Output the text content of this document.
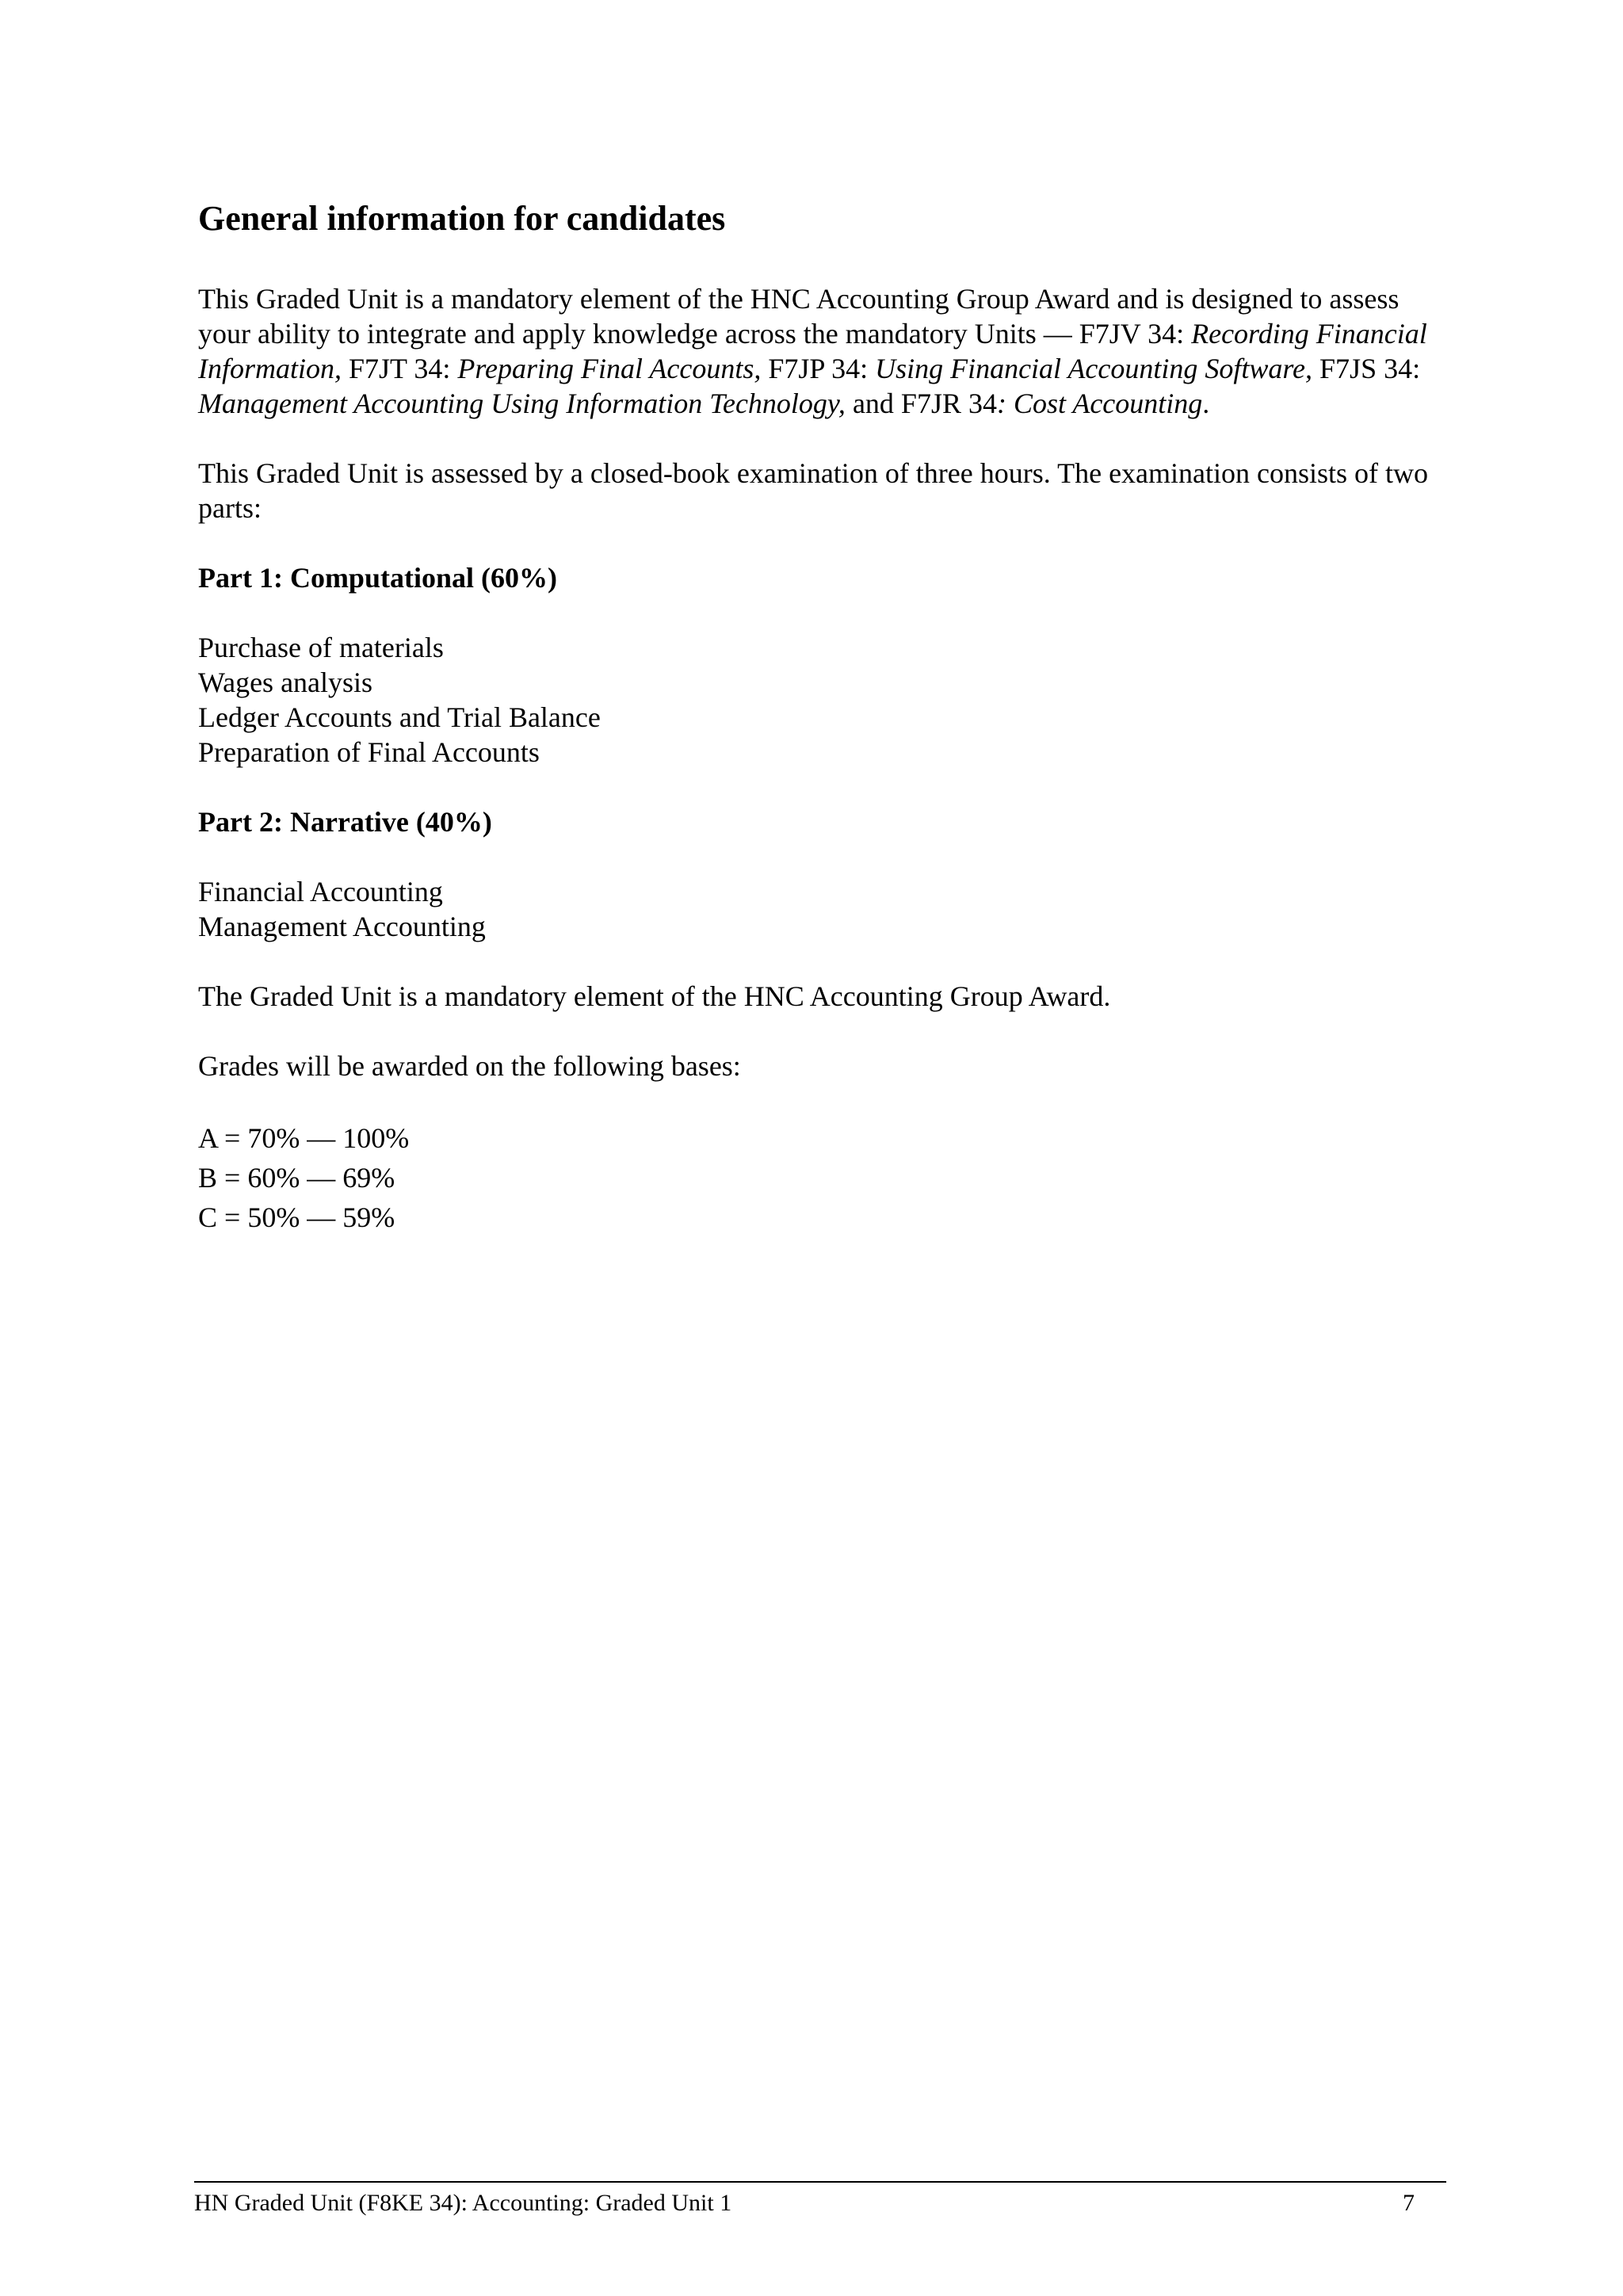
General information for candidates

This Graded Unit is a mandatory element of the HNC Accounting Group Award and is designed to assess your ability to integrate and apply knowledge across the mandatory Units — F7JV 34: Recording Financial Information, F7JT 34: Preparing Final Accounts, F7JP 34: Using Financial Accounting Software, F7JS 34: Management Accounting Using Information Technology, and F7JR 34: Cost Accounting.

This Graded Unit is assessed by a closed-book examination of three hours. The examination consists of two parts:

Part 1: Computational (60%)

Purchase of materials
Wages analysis
Ledger Accounts and Trial Balance
Preparation of Final Accounts

Part 2: Narrative (40%)

Financial Accounting
Management Accounting

The Graded Unit is a mandatory element of the HNC Accounting Group Award.

Grades will be awarded on the following bases:

A = 70% — 100%
B = 60% — 69%
C = 50% — 59%
HN Graded Unit (F8KE 34): Accounting: Graded Unit 1	7
